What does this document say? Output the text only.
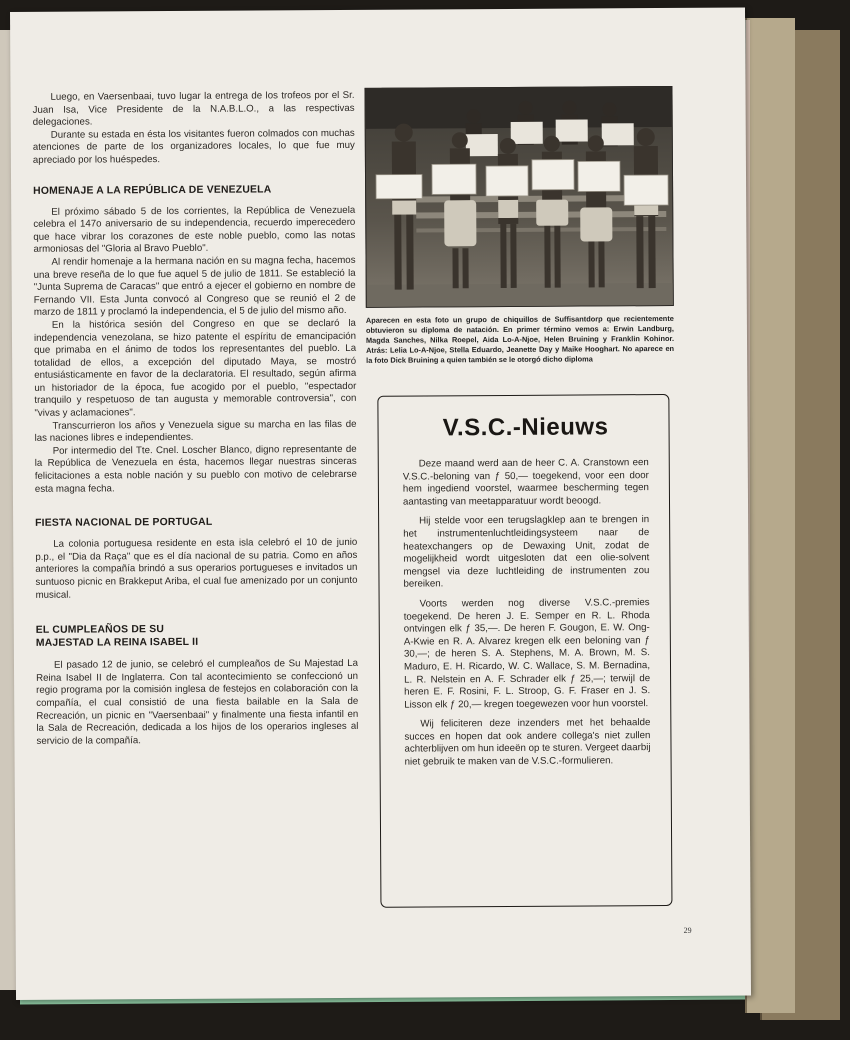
Luego, en Vaersenbaai, tuvo lugar la entrega de los trofeos por el Sr. Juan Isa, Vice Presidente de la N.A.B.L.O., a las respectivas delegaciones.

Durante su estada en ésta los visitantes fueron colmados con muchas atenciones de parte de los organizadores locales, lo que fue muy apreciado por los huéspedes.

HOMENAJE A LA REPÚBLICA DE VENEZUELA

El próximo sábado 5 de los corrientes, la República de Venezuela celebra el 147o aniversario de su independencia, recuerdo imperecedero que hace vibrar los corazones de este noble pueblo, como las notas armoniosas del "Gloria al Bravo Pueblo".

Al rendir homenaje a la hermana nación en su magna fecha, hacemos una breve reseña de lo que fue aquel 5 de julio de 1811. Se estableció la "Junta Suprema de Caracas" que entró a ejecer el gobierno en nombre de Fernando VII. Esta Junta convocó al Congreso que se reunió el 2 de marzo de 1811 y proclamó la independencia, el 5 de julio del mismo año.

En la histórica sesión del Congreso en que se declaró la independencia venezolana, se hizo patente el espíritu de emancipación que primaba en el ánimo de todos los representantes del pueblo. La totalidad de ellos, a excepción del diputado Maya, se mostró entusiásticamente en favor de la declaratoria. El resultado, según afirma un historiador de la época, fue acogido por el pueblo, "espectador tranquilo y respetuoso de tan augusta y memorable controversia", con "vivas y aclamaciones".

Transcurrieron los años y Venezuela sigue su marcha en las filas de las naciones libres e independientes.

Por intermedio del Tte. Cnel. Loscher Blanco, digno representante de la República de Venezuela en ésta, hacemos llegar nuestras sinceras felicitaciones a esta noble nación y su pueblo con motivo de celebrarse esta magna fecha.

FIESTA NACIONAL DE PORTUGAL

La colonia portuguesa residente en esta isla celebró el 10 de junio p.p., el "Dia da Raça" que es el día nacional de su patria. Como en años anteriores la compañía brindó a sus operarios portugueses e invitados un suntuoso picnic en Brakkeput Ariba, el cual fue amenizado por un conjunto musical.

EL CUMPLEAÑOS DE SU
MAJESTAD LA REINA ISABEL II

El pasado 12 de junio, se celebró el cumpleaños de Su Majestad La Reina Isabel II de Inglaterra. Con tal acontecimiento se confeccionó un regio programa por la comisión inglesa de festejos en colaboración con la compañía, el cual consistió de una fiesta bailable en la Sala de Recreación, un picnic en "Vaersenbaai" y finalmente una fiesta infantil en la Sala de Recreación, dedicada a los hijos de los operarios ingleses al servicio de la compañía.

Aparecen en esta foto un grupo de chiquillos de Suffisantdorp que recientemente obtuvieron su diploma de natación. En primer término vemos a: Erwin Landburg, Magda Sanches, Nilka Roepel, Aida Lo-A-Njoe, Helen Bruining y Franklin Kohinor. Atrás: Lelia Lo-A-Njoe, Stella Eduardo, Jeanette Day y Maike Hooghart. No aparece en la foto Dick Bruining a quien también se le otorgó dicho diploma
V.S.C.-Nieuws

Deze maand werd aan de heer C. A. Cranstown een V.S.C.-beloning van ƒ 50,— toegekend, voor een door hem ingediend voorstel, waarmee bescherming tegen aantasting van meetapparatuur wordt beoogd.

Hij stelde voor een terugslagklep aan te brengen in het instrumentenluchtleidingsysteem naar de heatexchangers op de Dewaxing Unit, zodat de mogelijkheid wordt uitgesloten dat een olie-solvent mengsel via deze luchtleiding de instrumenten zou bereiken.

Voorts werden nog diverse V.S.C.-premies toegekend. De heren J. E. Semper en R. L. Rhoda ontvingen elk ƒ 35,—. De heren F. Gougon, E. W. Ong-A-Kwie en R. A. Alvarez kregen elk een beloning van ƒ 30,—; de heren S. A. Stephens, M. A. Brown, M. S. Maduro, E. H. Ricardo, W. C. Wallace, S. M. Bernadina, L. R. Nelstein en A. F. Schrader elk ƒ 25,—; terwijl de heren E. F. Rosini, F. L. Stroop, G. F. Fraser en J. S. Lisson elk ƒ 20,— kregen toegewezen voor hun voorstel.

Wij feliciteren deze inzenders met het behaalde succes en hopen dat ook andere collega's niet zullen achterblijven om hun ideeën op te sturen. Vergeet daarbij niet gebruik te maken van de V.S.C.-formulieren.

29
